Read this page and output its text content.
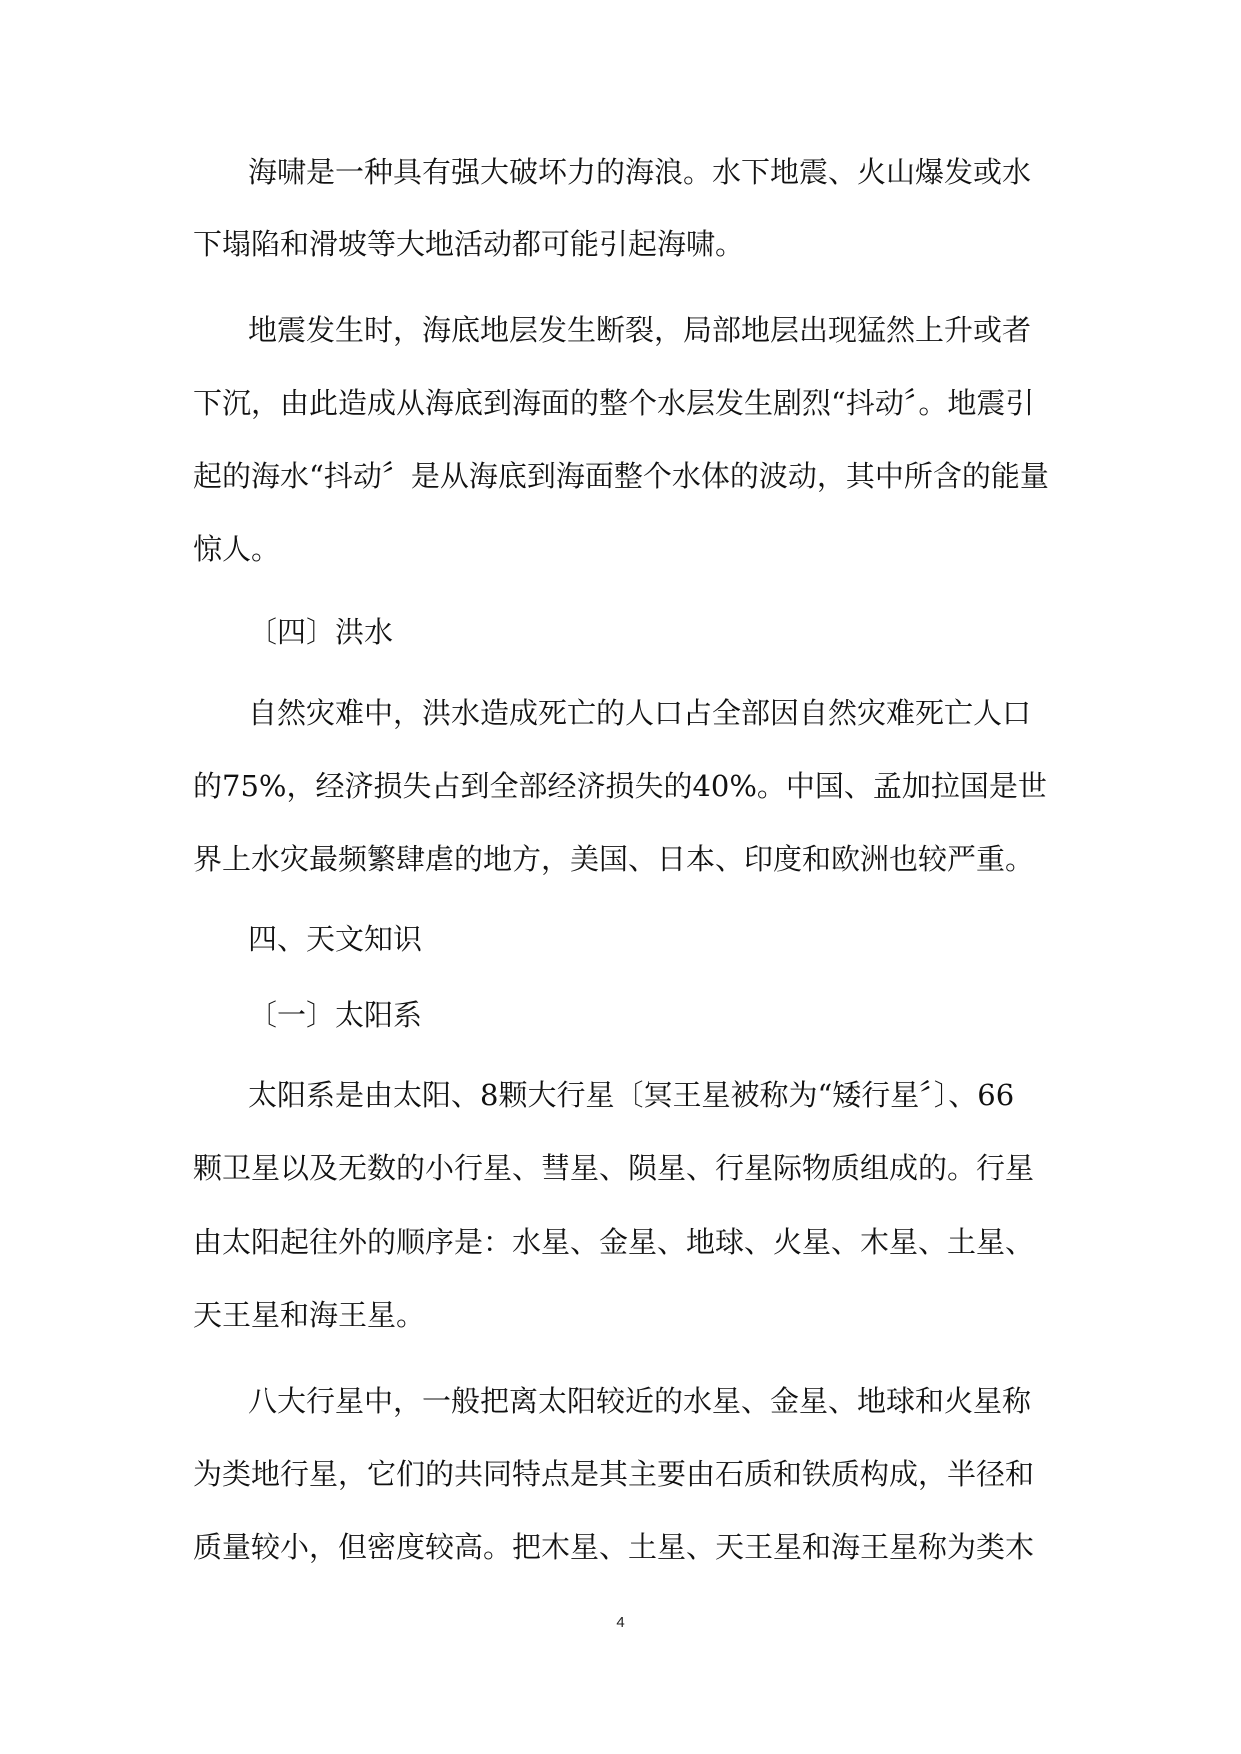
海啸是一种具有强大破坏力的海浪。水下地震、火山爆发或水
下塌陷和滑坡等大地活动都可能引起海啸。
地震发生时，海底地层发生断裂，局部地层出现猛然上升或者
下沉，由此造成从海底到海面的整个水层发生剧烈“抖动〞。地震引
起的海水“抖动〞是从海底到海面整个水体的波动，其中所含的能量
惊人。
〔四〕洪水
自然灾难中，洪水造成死亡的人口占全部因自然灾难死亡人口
的75%，经济损失占到全部经济损失的40%。中国、孟加拉国是世
界上水灾最频繁肆虐的地方，美国、日本、印度和欧洲也较严重。
四、天文知识
〔一〕太阳系
太阳系是由太阳、8颗大行星〔冥王星被称为“矮行星〞〕、66
颗卫星以及无数的小行星、彗星、陨星、行星际物质组成的。行星
由太阳起往外的顺序是：水星、金星、地球、火星、木星、土星、
天王星和海王星。
八大行星中，一般把离太阳较近的水星、金星、地球和火星称
为类地行星，它们的共同特点是其主要由石质和铁质构成，半径和
质量较小，但密度较高。把木星、土星、天王星和海王星称为类木
4
